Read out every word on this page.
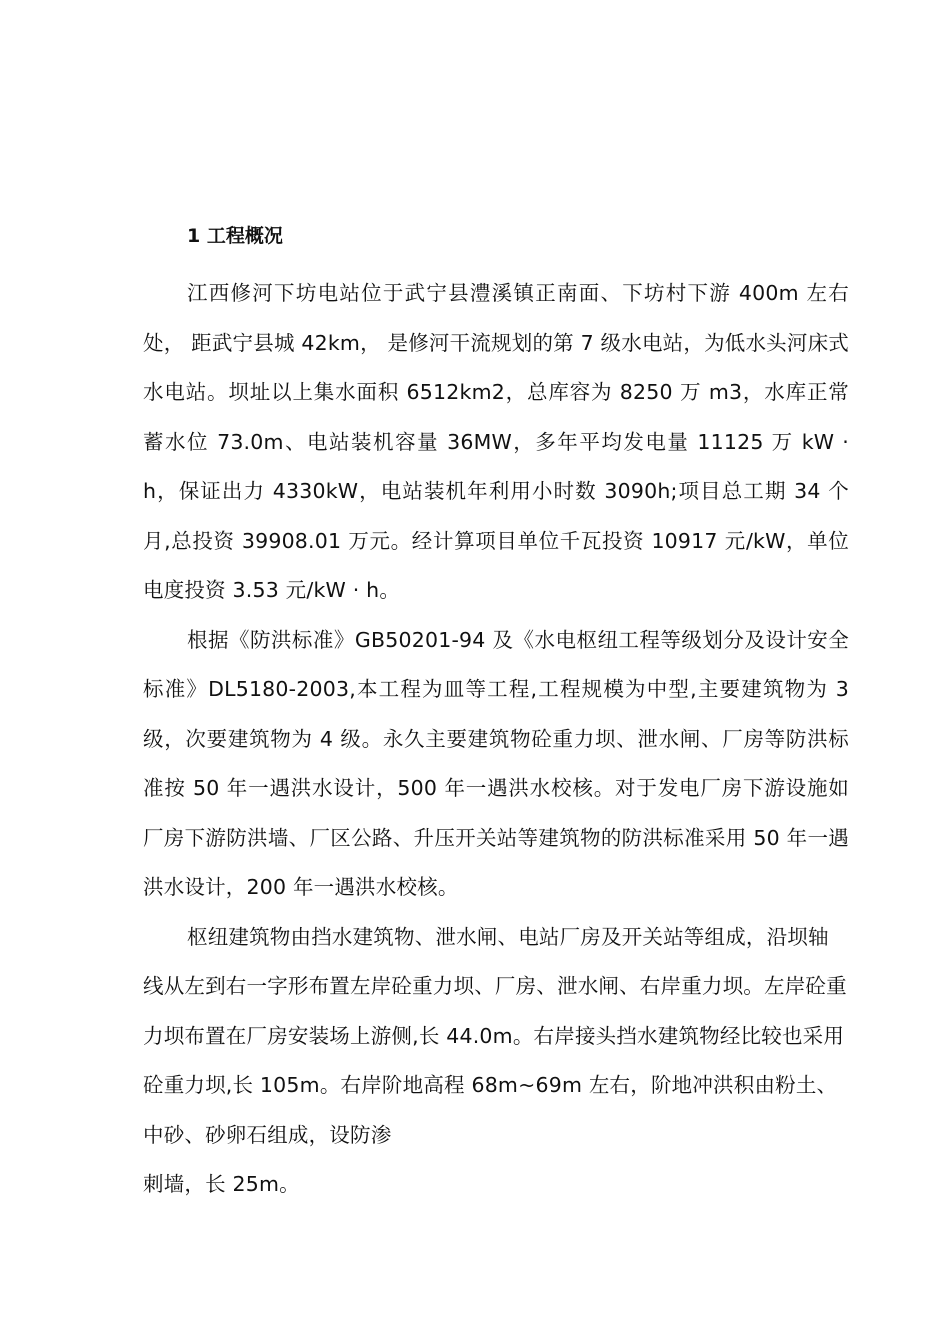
1 工程概况

江西修河下坊电站位于武宁县澧溪镇正南面、下坊村下游 400m 左右处， 距武宁县城 42km， 是修河干流规划的第 7 级水电站，为低水头河床式水电站。坝址以上集水面积 6512km2，总库容为 8250 万 m3，水库正常蓄水位 73.0m、电站装机容量 36MW，多年平均发电量 11125 万 kW · h，保证出力 4330kW，电站装机年利用小时数 3090h;项目总工期 34 个月,总投资 39908.01 万元。经计算项目单位千瓦投资 10917 元/kW，单位电度投资 3.53 元/kW · h。

根据《防洪标准》GB50201-94 及《水电枢纽工程等级划分及设计安全标准》DL5180-2003,本工程为皿等工程,工程规模为中型,主要建筑物为 3 级，次要建筑物为 4 级。永久主要建筑物砼重力坝、泄水闸、厂房等防洪标准按 50 年一遇洪水设计，500 年一遇洪水校核。对于发电厂房下游设施如厂房下游防洪墙、厂区公路、升压开关站等建筑物的防洪标准采用 50 年一遇洪水设计，200 年一遇洪水校核。

枢纽建筑物由挡水建筑物、泄水闸、电站厂房及开关站等组成，沿坝轴线从左到右一字形布置左岸砼重力坝、厂房、泄水闸、右岸重力坝。左岸砼重力坝布置在厂房安装场上游侧,长 44.0m。右岸接头挡水建筑物经比较也采用砼重力坝,长 105m。右岸阶地高程 68m~69m 左右，阶地冲洪积由粉土、中砂、砂卵石组成，设防渗

刺墙，长 25m。
